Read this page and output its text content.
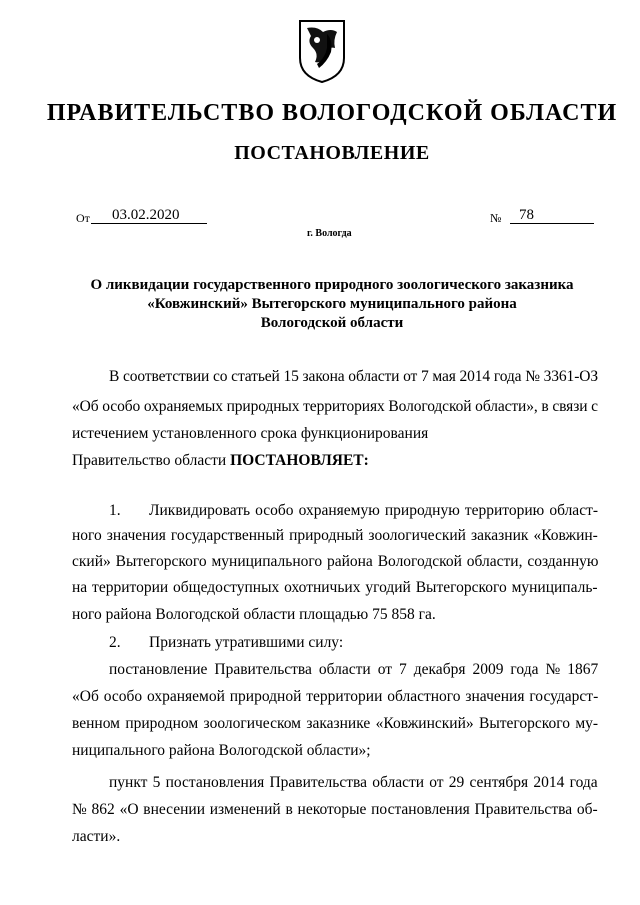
ПРАВИТЕЛЬСТВО ВОЛОГОДСКОЙ ОБЛАСТИ
ПОСТАНОВЛЕНИЕ
От 03.02.2020	№ 78
г. Вологда
О ликвидации государственного природного зоологического заказника
«Ковжинский» Вытегорского муниципального района
Вологодской области
В соответствии со статьей 15 закона области от 7 мая 2014 года № 3361-ОЗ
«Об особо охраняемых природных территориях Вологодской области», в связи с
истечением установленного срока функционирования
Правительство области ПОСТАНОВЛЯЕТ:
1. Ликвидировать особо охраняемую природную территорию област-
ного значения государственный природный зоологический заказник «Ковжин-
ский» Вытегорского муниципального района Вологодской области, созданную
на территории общедоступных охотничьих угодий Вытегорского муниципаль-
ного района Вологодской области площадью 75 858 га.
2. Признать утратившими силу:
постановление Правительства области от 7 декабря 2009 года № 1867
«Об особо охраняемой природной территории областного значения государст-
венном природном зоологическом заказнике «Ковжинский» Вытегорского му-
ниципального района Вологодской области»;
пункт 5 постановления Правительства области от 29 сентября 2014 года
№ 862 «О внесении изменений в некоторые постановления Правительства об-
ласти».
